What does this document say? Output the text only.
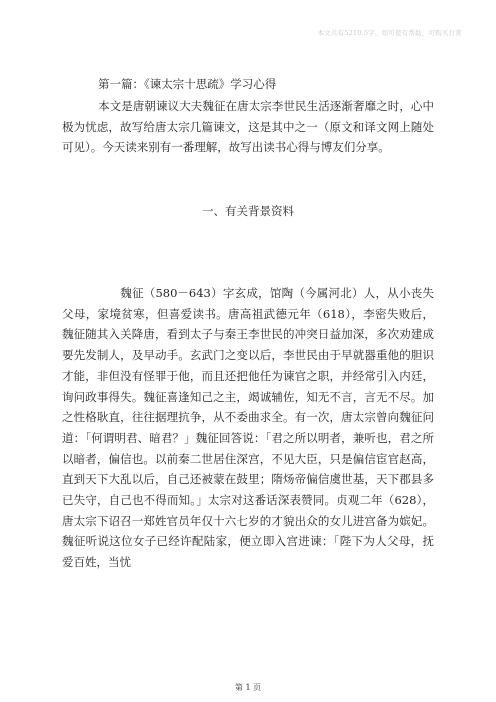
本文共有5210.5字，如可使有帮助，可购买打赏
第一篇：《谏太宗十思疏》学习心得

本文是唐朝谏议大夫魏征在唐太宗李世民生活逐渐奢靡之时，心中极为忧虑，故写给唐太宗几篇谏文，这是其中之一（原文和译文网上随处可见）。今天读来别有一番理解，故写出读书心得与博友们分享。

一、有关背景资料

魏征（580－643）字玄成，馆陶（今属河北）人，从小丧失父母，家境贫寒，但喜爱读书。唐高祖武德元年（618），李密失败后，魏征随其入关降唐，看到太子与秦王李世民的冲突日益加深，多次劝建成要先发制人，及早动手。玄武门之变以后，李世民由于早就器重他的胆识才能，非但没有怪罪于他，而且还把他任为谏官之职，并经常引入内廷，询问政事得失。魏征喜逢知己之主，竭诚辅佐，知无不言，言无不尽。加之性格耿直，往往据理抗争，从不委曲求全。有一次，唐太宗曾向魏征问道：「何谓明君、暗君？」魏征回答说：「君之所以明者，兼听也，君之所以暗者，偏信也。以前秦二世居住深宫，不见大臣，只是偏信宦官赵高，直到天下大乱以后，自己还被蒙在鼓里；隋炀帝偏信虞世基，天下郡县多已失守，自己也不得而知。」太宗对这番话深表赞同。贞观二年（628），唐太宗下诏召一郑姓官员年仅十六七岁的才貌出众的女儿进宫备为嫔妃。魏征听说这位女子已经许配陆家，便立即入宫进谏：「陛下为人父母，抚爱百姓，当忧

第 1 页
